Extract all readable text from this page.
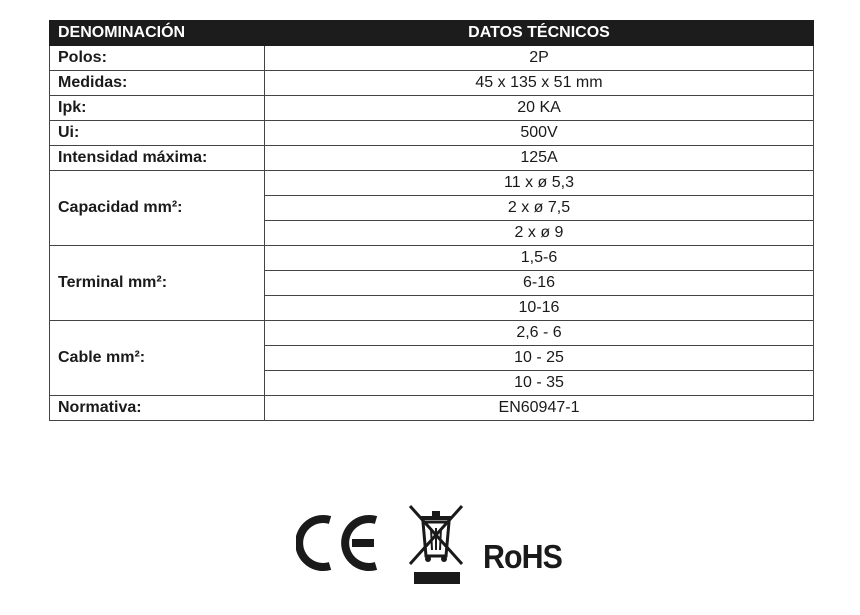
DENOMINACIÓN	DATOS TÉCNICOS
Polos:	2P
Medidas:	45 x 135 x 51 mm
Ipk:	20 KA
Ui:	500V
Intensidad máxima:	125A
Capacidad mm²:	11 x ø 5,3
	2 x ø 7,5
	2 x ø 9
Terminal mm²:	1,5-6
	6-16
	10-16
Cable mm²:	2,6 - 6
	10 - 25
	10 - 35
Normativa:	EN60947-1
RoHS
